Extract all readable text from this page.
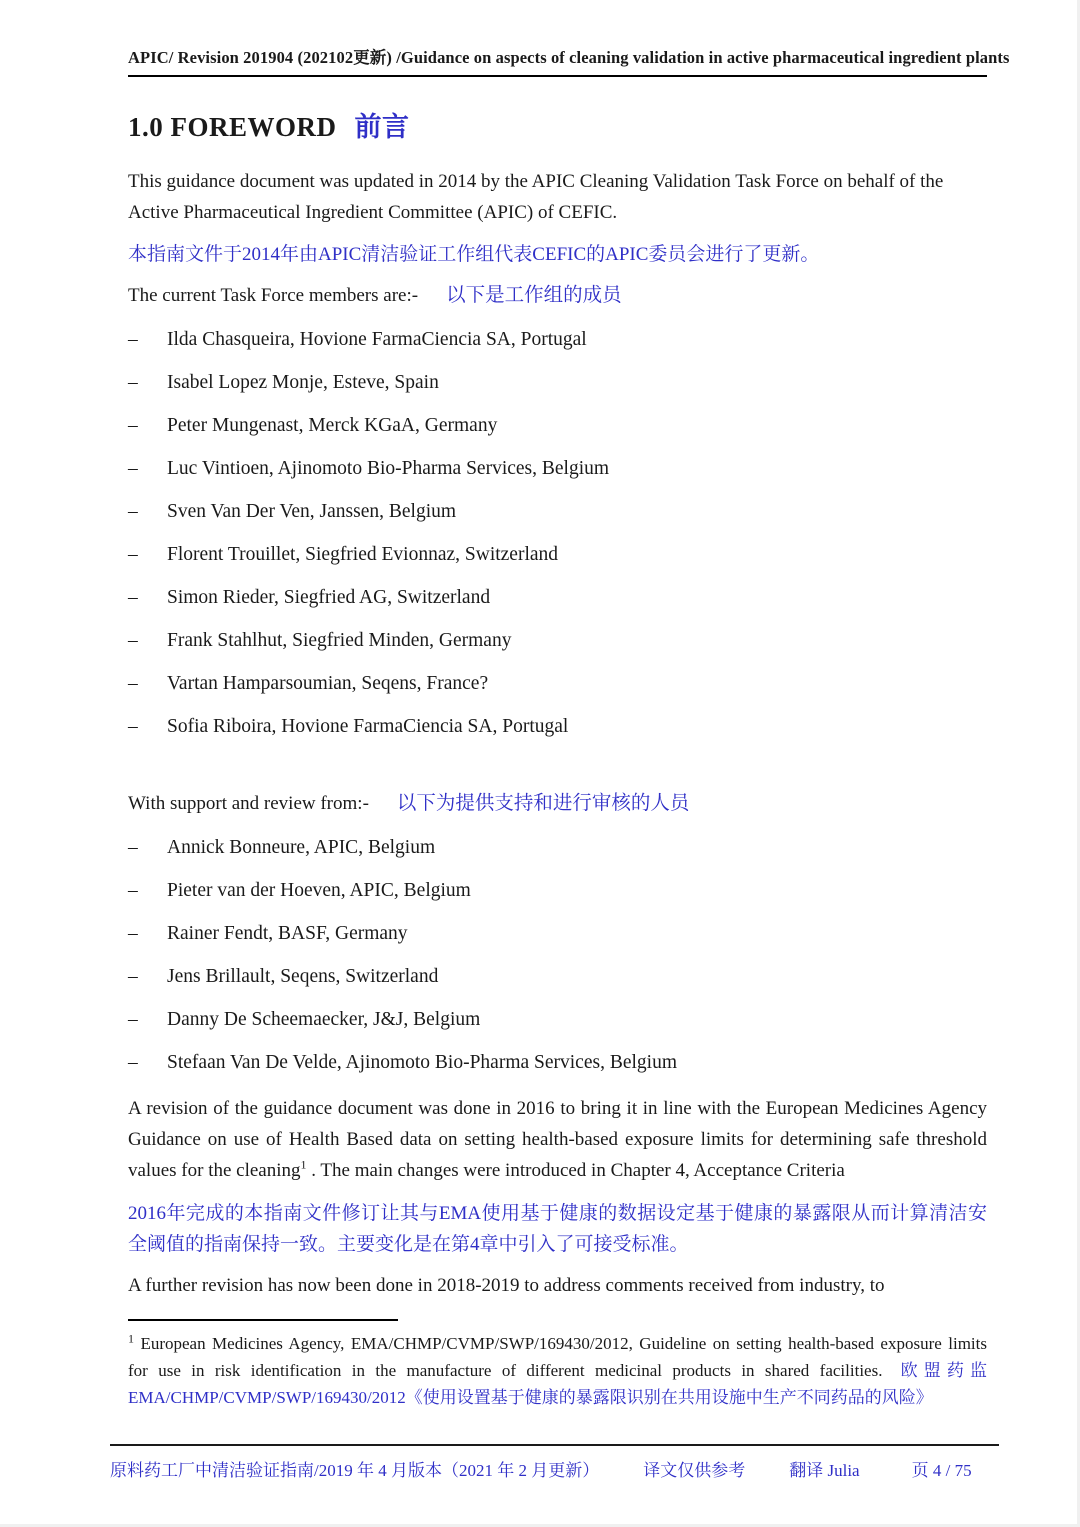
APIC/ Revision 201904 (202102更新) /Guidance on aspects of cleaning validation in active pharmaceutical ingredient plants
1.0 FOREWORD 前言

This guidance document was updated in 2014 by the APIC Cleaning Validation Task Force on behalf of the Active Pharmaceutical Ingredient Committee (APIC) of CEFIC.

本指南文件于2014年由APIC清洁验证工作组代表CEFIC的APIC委员会进行了更新。

The current Task Force members are:- 以下是工作组的成员

–	Ilda Chasqueira, Hovione FarmaCiencia SA, Portugal
–	Isabel Lopez Monje, Esteve, Spain
–	Peter Mungenast, Merck KGaA, Germany
–	Luc Vintioen, Ajinomoto Bio-Pharma Services, Belgium
–	Sven Van Der Ven, Janssen, Belgium
–	Florent Trouillet, Siegfried Evionnaz, Switzerland
–	Simon Rieder, Siegfried AG, Switzerland
–	Frank Stahlhut, Siegfried Minden, Germany
–	Vartan Hamparsoumian, Seqens, France?
–	Sofia Riboira, Hovione FarmaCiencia SA, Portugal

With support and review from:- 以下为提供支持和进行审核的人员

–	Annick Bonneure, APIC, Belgium
–	Pieter van der Hoeven, APIC, Belgium
–	Rainer Fendt, BASF, Germany
–	Jens Brillault, Seqens, Switzerland
–	Danny De Scheemaecker, J&J, Belgium
–	Stefaan Van De Velde, Ajinomoto Bio-Pharma Services, Belgium

A revision of the guidance document was done in 2016 to bring it in line with the European Medicines Agency Guidance on use of Health Based data on setting health-based exposure limits for determining safe threshold values for the cleaning$^1$ . The main changes were introduced in Chapter 4, Acceptance Criteria

2016年完成的本指南文件修订让其与EMA使用基于健康的数据设定基于健康的暴露限从而计算清洁安全阈值的指南保持一致。主要变化是在第4章中引入了可接受标准。

A further revision has now been done in 2018-2019 to address comments received from industry, to

$^1$ European Medicines Agency, EMA/CHMP/CVMP/SWP/169430/2012, Guideline on setting health-based exposure limits for use in risk identification in the manufacture of different medicinal products in shared facilities. 欧盟药监 EMA/CHMP/CVMP/SWP/169430/2012《使用设置基于健康的暴露限识别在共用设施中生产不同药品的风险》

原料药工厂中清洁验证指南/2019 年 4 月版本（2021 年 2 月更新）	译文仅供参考	翻译 Julia	页 4 / 75
